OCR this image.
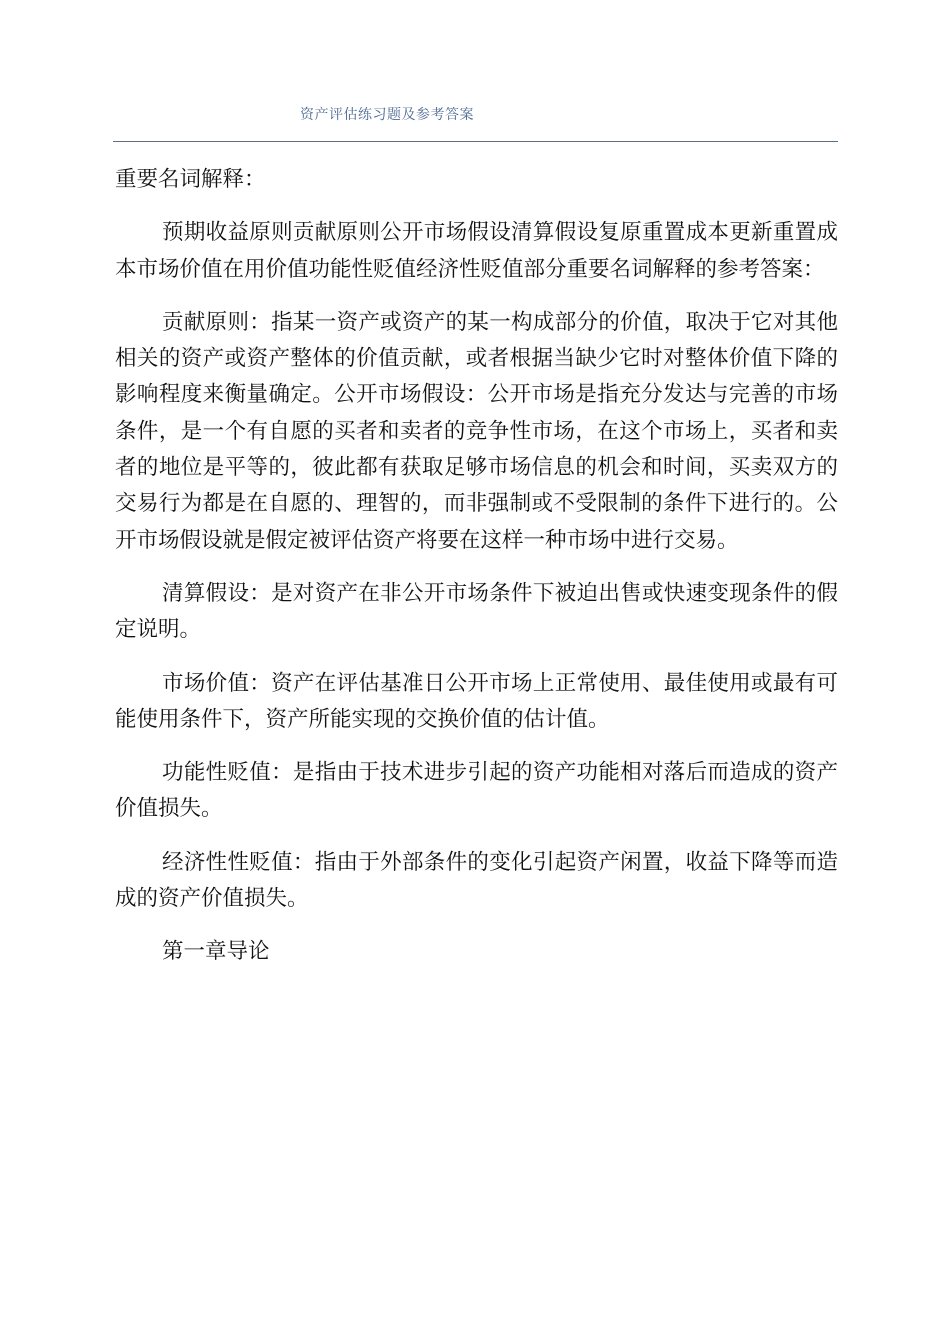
资产评估练习题及参考答案

重要名词解释：

预期收益原则贡献原则公开市场假设清算假设复原重置成本更新重置成本市场价值在用价值功能性贬值经济性贬值部分重要名词解释的参考答案：

贡献原则：指某一资产或资产的某一构成部分的价值，取决于它对其他相关的资产或资产整体的价值贡献，或者根据当缺少它时对整体价值下降的影响程度来衡量确定。公开市场假设：公开市场是指充分发达与完善的市场条件，是一个有自愿的买者和卖者的竞争性市场，在这个市场上，买者和卖者的地位是平等的，彼此都有获取足够市场信息的机会和时间，买卖双方的交易行为都是在自愿的、理智的，而非强制或不受限制的条件下进行的。公开市场假设就是假定被评估资产将要在这样一种市场中进行交易。

清算假设：是对资产在非公开市场条件下被迫出售或快速变现条件的假定说明。

市场价值：资产在评估基准日公开市场上正常使用、最佳使用或最有可能使用条件下，资产所能实现的交换价值的估计值。

功能性贬值：是指由于技术进步引起的资产功能相对落后而造成的资产价值损失。

经济性性贬值：指由于外部条件的变化引起资产闲置，收益下降等而造成的资产价值损失。

第一章导论
